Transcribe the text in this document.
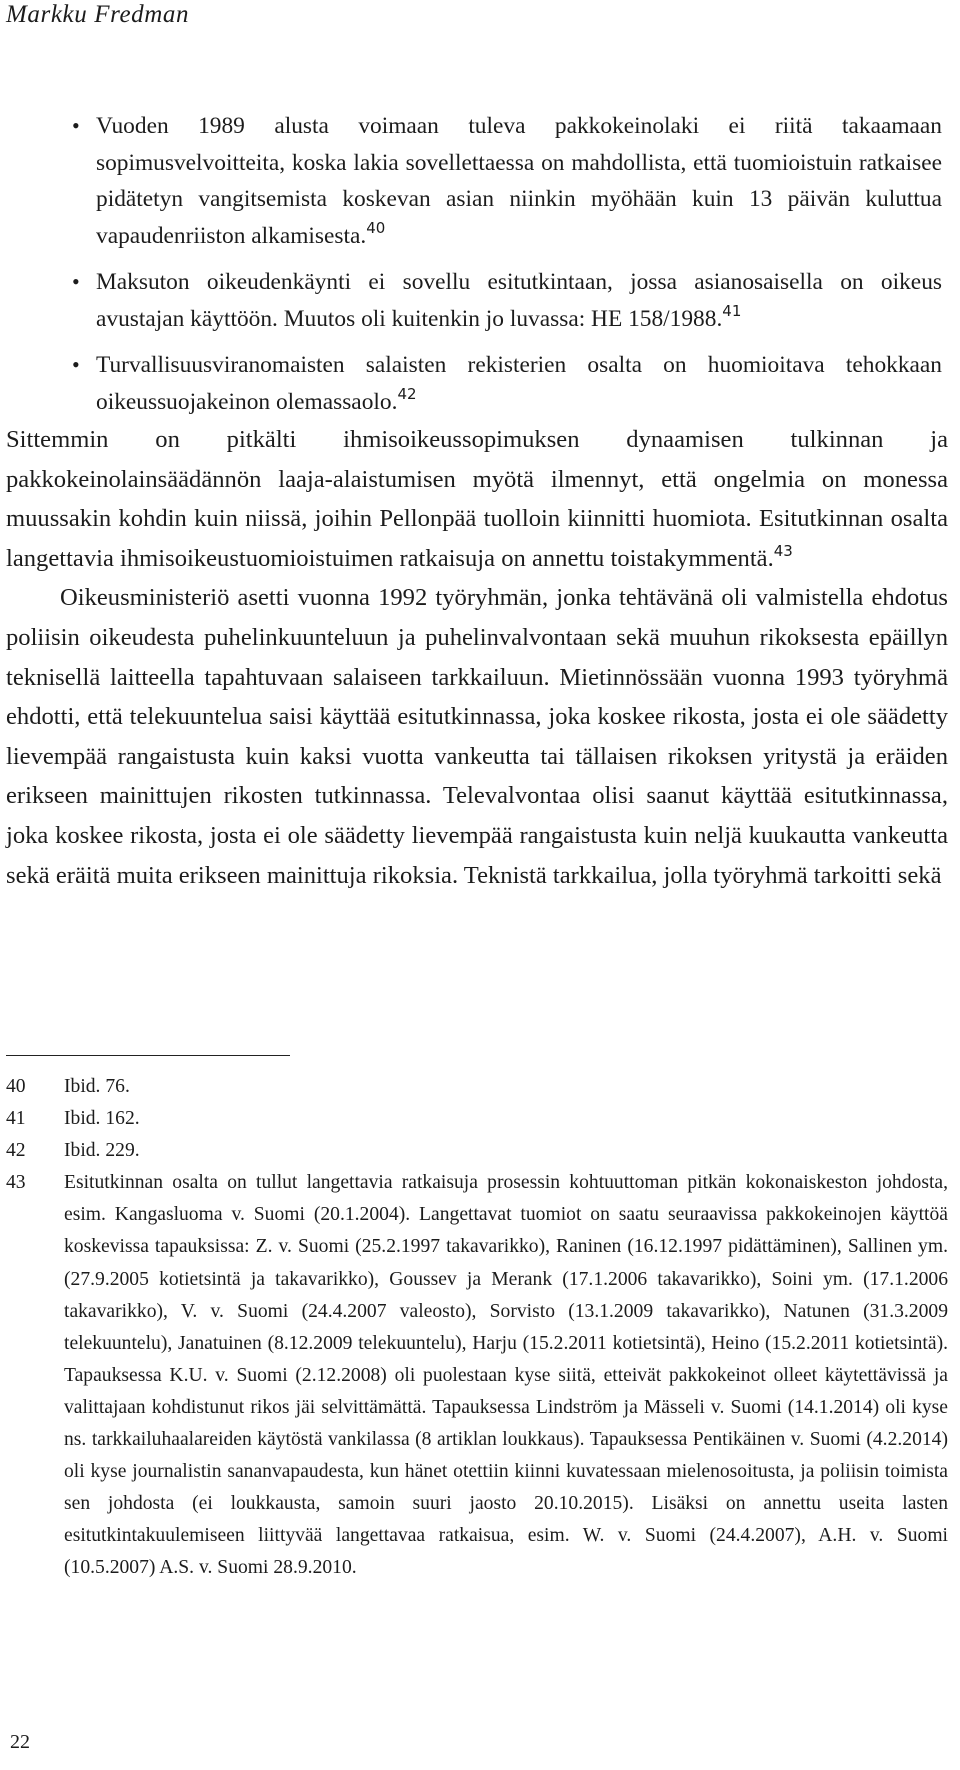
Markku Fredman
• Vuoden 1989 alusta voimaan tuleva pakkokeinolaki ei riitä takaamaan sopimusvelvoitteita, koska lakia sovellettaessa on mahdollista, että tuomioistuin ratkaisee pidätetyn vangitsemista koskevan asian niinkin myöhään kuin 13 päivän kuluttua vapaudenriiston alkamisesta.$^{40}$
• Maksuton oikeudenkäynti ei sovellu esitutkintaan, jossa asianosaisella on oikeus avustajan käyttöön. Muutos oli kuitenkin jo luvassa: HE 158/1988.41
• Turvallisuusviranomaisten salaisten rekisterien osalta on huomioitava tehokkaan oikeussuojakeinon olemassaolo.$^{42}$

Sittemmin on pitkälti ihmisoikeussopimuksen dynaamisen tulkinnan ja pakkokeinolainsäädännön laaja-alaistumisen myötä ilmennyt, että ongelmia on monessa muussakin kohdin kuin niissä, joihin Pellonpää tuolloin kiinnitti huomiota. Esitutkinnan osalta langettavia ihmisoikeustuomioistuimen ratkaisuja on annettu toistakymmentä.$^{43}$

Oikeusministeriö asetti vuonna 1992 työryhmän, jonka tehtävänä oli valmistella ehdotus poliisin oikeudesta puhelinkuunteluun ja puhelinvalvontaan sekä muuhun rikoksesta epäillyn teknisellä laitteella tapahtuvaan salaiseen tarkkailuun. Mietinnössään vuonna 1993 työryhmä ehdotti, että telekuuntelua saisi käyttää esitutkinnassa, joka koskee rikosta, josta ei ole säädetty lievempää rangaistusta kuin kaksi vuotta vankeutta tai tällaisen rikoksen yritystä ja eräiden erikseen mainittujen rikosten tutkinnassa. Televalvontaa olisi saanut käyttää esitutkinnassa, joka koskee rikosta, josta ei ole säädetty lievempää rangaistusta kuin neljä kuukautta vankeutta sekä eräitä muita erikseen mainittuja rikoksia. Teknistä tarkkailua, jolla työryhmä tarkoitti sekä

40	Ibid. 76.
41	Ibid. 162.
42	Ibid. 229.
43	Esitutkinnan osalta on tullut langettavia ratkaisuja prosessin kohtuuttoman pitkän kokonaiskeston johdosta, esim. Kangasluoma v. Suomi (20.1.2004). Langettavat tuomiot on saatu seuraavissa pakkokeinojen käyttöä koskevissa tapauksissa: Z. v. Suomi (25.2.1997 takavarikko), Raninen (16.12.1997 pidättäminen), Sallinen ym. (27.9.2005 kotietsintä ja takavarikko), Goussev ja Merank (17.1.2006 takavarikko), Soini ym. (17.1.2006 takavarikko), V. v. Suomi (24.4.2007 valeosto), Sorvisto (13.1.2009 takavarikko), Natunen (31.3.2009 telekuuntelu), Janatuinen (8.12.2009 telekuuntelu), Harju (15.2.2011 kotietsintä), Heino (15.2.2011 kotietsintä). Tapauksessa K.U. v. Suomi (2.12.2008) oli puolestaan kyse siitä, etteivät pakkokeinot olleet käytettävissä ja valittajaan kohdistunut rikos jäi selvittämättä. Tapauksessa Lindström ja Mässeli v. Suomi (14.1.2014) oli kyse ns. tarkkailuhaalareiden käytöstä vankilassa (8 artiklan loukkaus). Tapauksessa Pentikäinen v. Suomi (4.2.2014) oli kyse journalistin sananvapaudesta, kun hänet otettiin kiinni kuvatessaan mielenosoitusta, ja poliisin toimista sen johdosta (ei loukkausta, samoin suuri jaosto 20.10.2015). Lisäksi on annettu useita lasten esitutkintakuulemiseen liittyvää langettavaa ratkaisua, esim. W. v. Suomi (24.4.2007), A.H. v. Suomi (10.5.2007) A.S. v. Suomi 28.9.2010.
22
